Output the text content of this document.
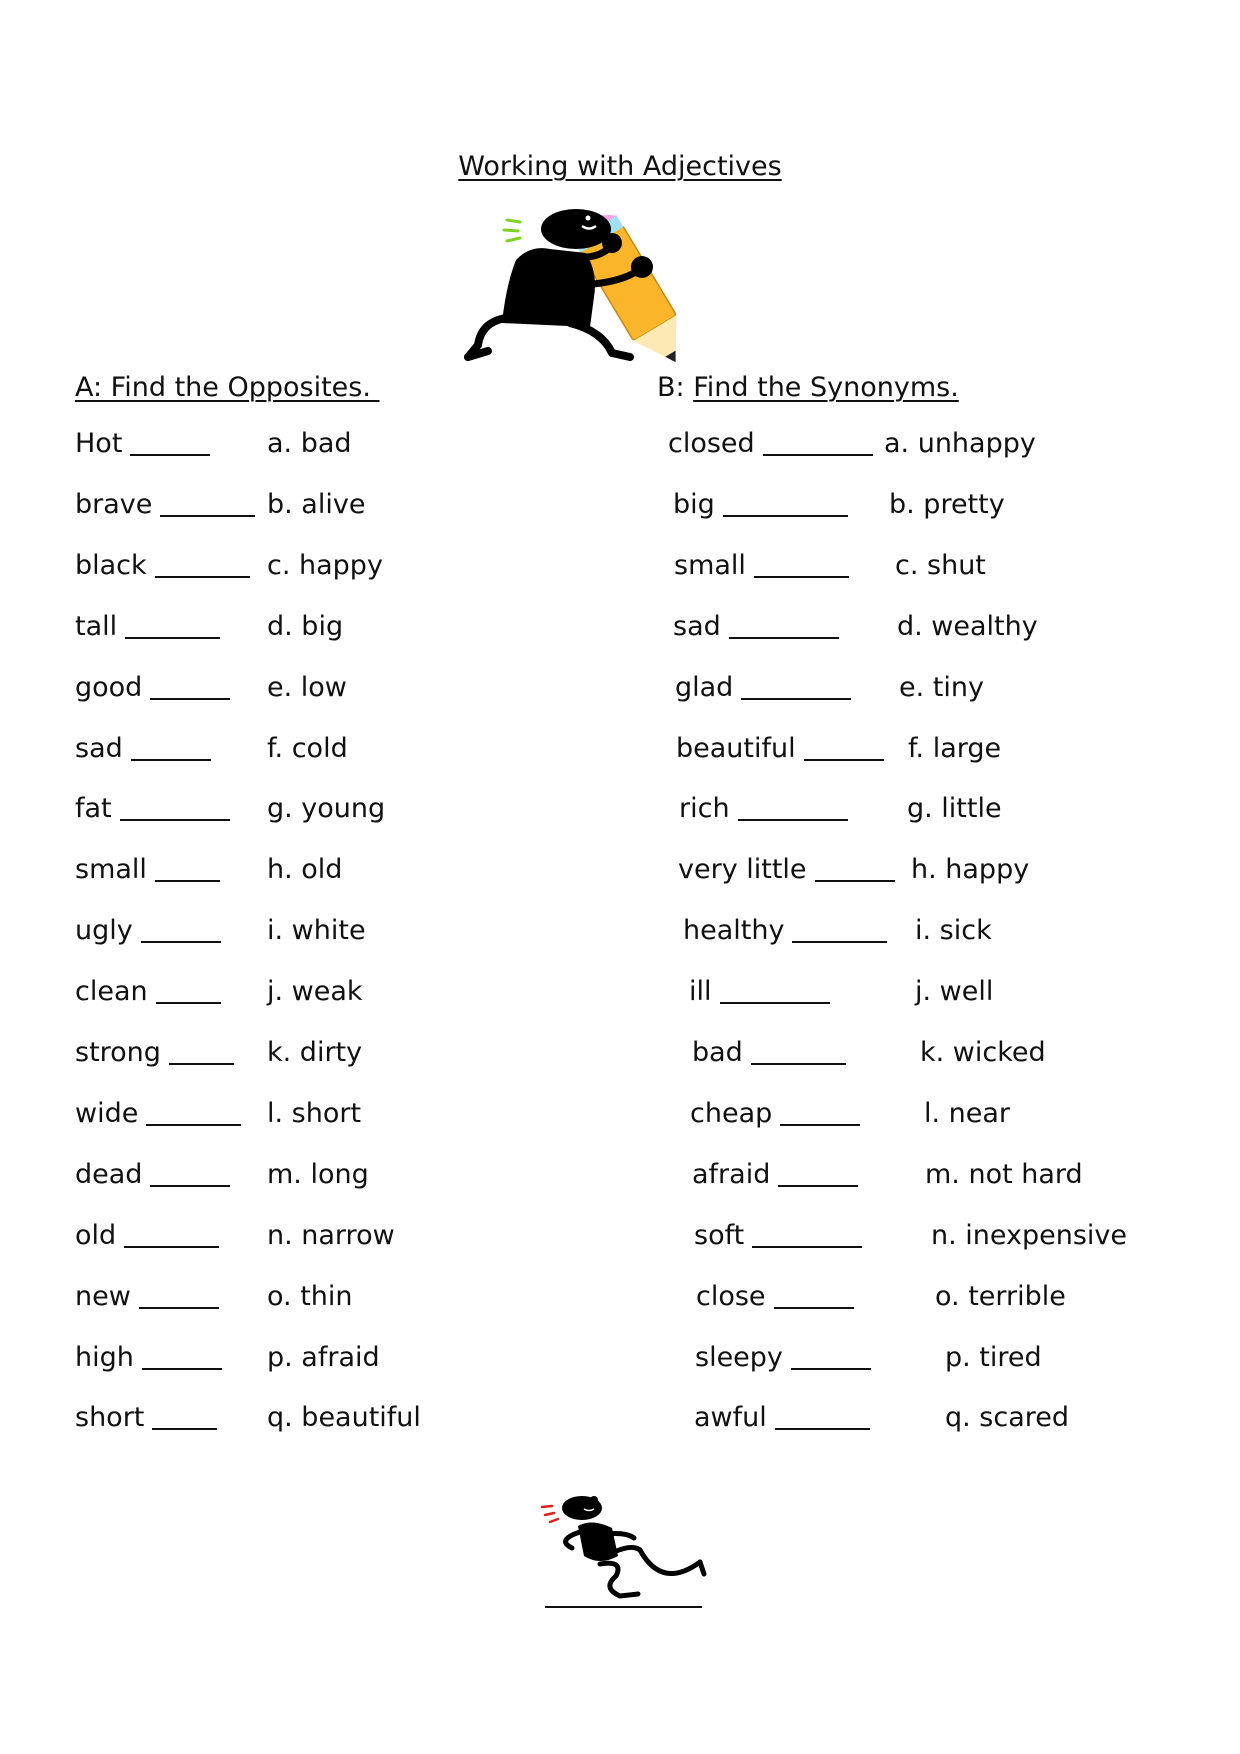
Working with Adjectives
A: Find the Opposites.	B: Find the Synonyms.
Hot
brave
black
tall
good
sad
fat
small
ugly
clean
strong
wide
dead
old
new
high
short
a. bad
b. alive
c. happy
d. big
e. low
f. cold
g. young
h. old
i. white
j. weak
k. dirty
l. short
m. long
n. narrow
o. thin
p. afraid
q. beautiful
closed
big
small
sad
glad
beautiful
rich
very little
healthy
ill
bad
cheap
afraid
soft
close
sleepy
awful
a. unhappy
b. pretty
c. shut
d. wealthy
e. tiny
f. large
g. little
h. happy
i. sick
j. well
k. wicked
l. near
m. not hard
n. inexpensive
o. terrible
p. tired
q. scared
